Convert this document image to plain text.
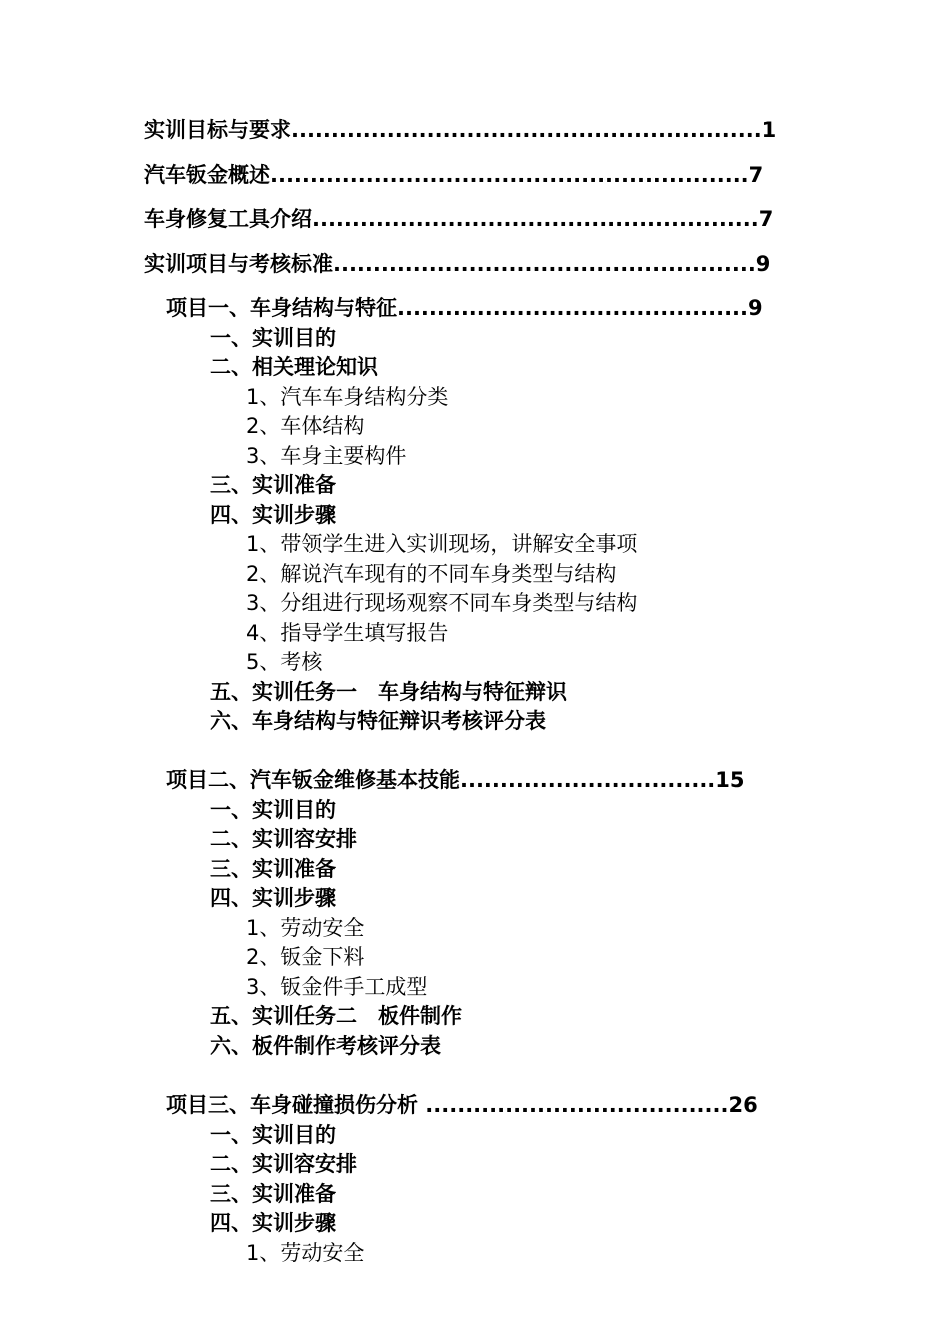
实训目标与要求...........................................................1
汽车钣金概述............................................................7
车身修复工具介绍........................................................7
实训项目与考核标准.....................................................9
项目一、车身结构与特征............................................9
一、实训目的
二、相关理论知识
1、汽车车身结构分类
2、车体结构
3、车身主要构件
三、实训准备
四、实训步骤
1、带领学生进入实训现场，讲解安全事项
2、解说汽车现有的不同车身类型与结构
3、分组进行现场观察不同车身类型与结构
4、指导学生填写报告
5、考核
五、实训任务一　车身结构与特征辩识
六、车身结构与特征辩识考核评分表
项目二、汽车钣金维修基本技能................................15
一、实训目的
二、实训容安排
三、实训准备
四、实训步骤
1、劳动安全
2、钣金下料
3、钣金件手工成型
五、实训任务二　板件制作
六、板件制作考核评分表
项目三、车身碰撞损伤分析 ......................................26
一、实训目的
二、实训容安排
三、实训准备
四、实训步骤
1、劳动安全
